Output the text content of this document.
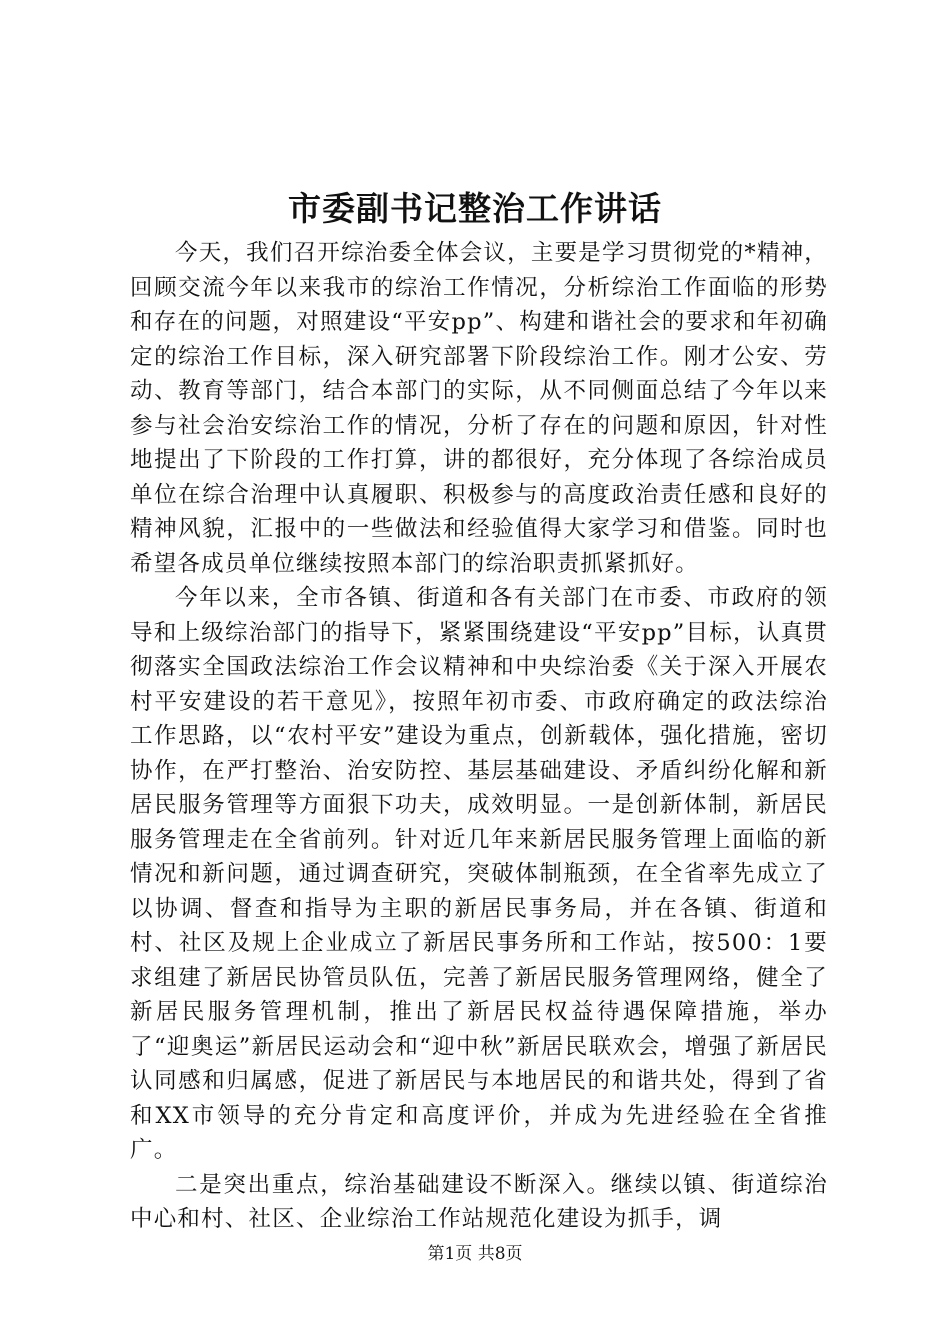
市委副书记整治工作讲话

今天，我们召开综治委全体会议，主要是学习贯彻党的*精神，回顾交流今年以来我市的综治工作情况，分析综治工作面临的形势和存在的问题，对照建设“平安pp”、构建和谐社会的要求和年初确定的综治工作目标，深入研究部署下阶段综治工作。刚才公安、劳动、教育等部门，结合本部门的实际，从不同侧面总结了今年以来参与社会治安综治工作的情况，分析了存在的问题和原因，针对性地提出了下阶段的工作打算，讲的都很好，充分体现了各综治成员单位在综合治理中认真履职、积极参与的高度政治责任感和良好的精神风貌，汇报中的一些做法和经验值得大家学习和借鉴。同时也希望各成员单位继续按照本部门的综治职责抓紧抓好。

今年以来，全市各镇、街道和各有关部门在市委、市政府的领导和上级综治部门的指导下，紧紧围绕建设“平安pp”目标，认真贯彻落实全国政法综治工作会议精神和中央综治委《关于深入开展农村平安建设的若干意见》，按照年初市委、市政府确定的政法综治工作思路，以“农村平安”建设为重点，创新载体，强化措施，密切协作，在严打整治、治安防控、基层基础建设、矛盾纠纷化解和新居民服务管理等方面狠下功夫，成效明显。一是创新体制，新居民服务管理走在全省前列。针对近几年来新居民服务管理上面临的新情况和新问题，通过调查研究，突破体制瓶颈，在全省率先成立了以协调、督查和指导为主职的新居民事务局，并在各镇、街道和村、社区及规上企业成立了新居民事务所和工作站，按500：1要求组建了新居民协管员队伍，完善了新居民服务管理网络，健全了新居民服务管理机制，推出了新居民权益待遇保障措施，举办了“迎奥运”新居民运动会和“迎中秋”新居民联欢会，增强了新居民认同感和归属感，促进了新居民与本地居民的和谐共处，得到了省和XX市领导的充分肯定和高度评价，并成为先进经验在全省推广。

二是突出重点，综治基础建设不断深入。继续以镇、街道综治中心和村、社区、企业综治工作站规范化建设为抓手，调

第1页 共8页
